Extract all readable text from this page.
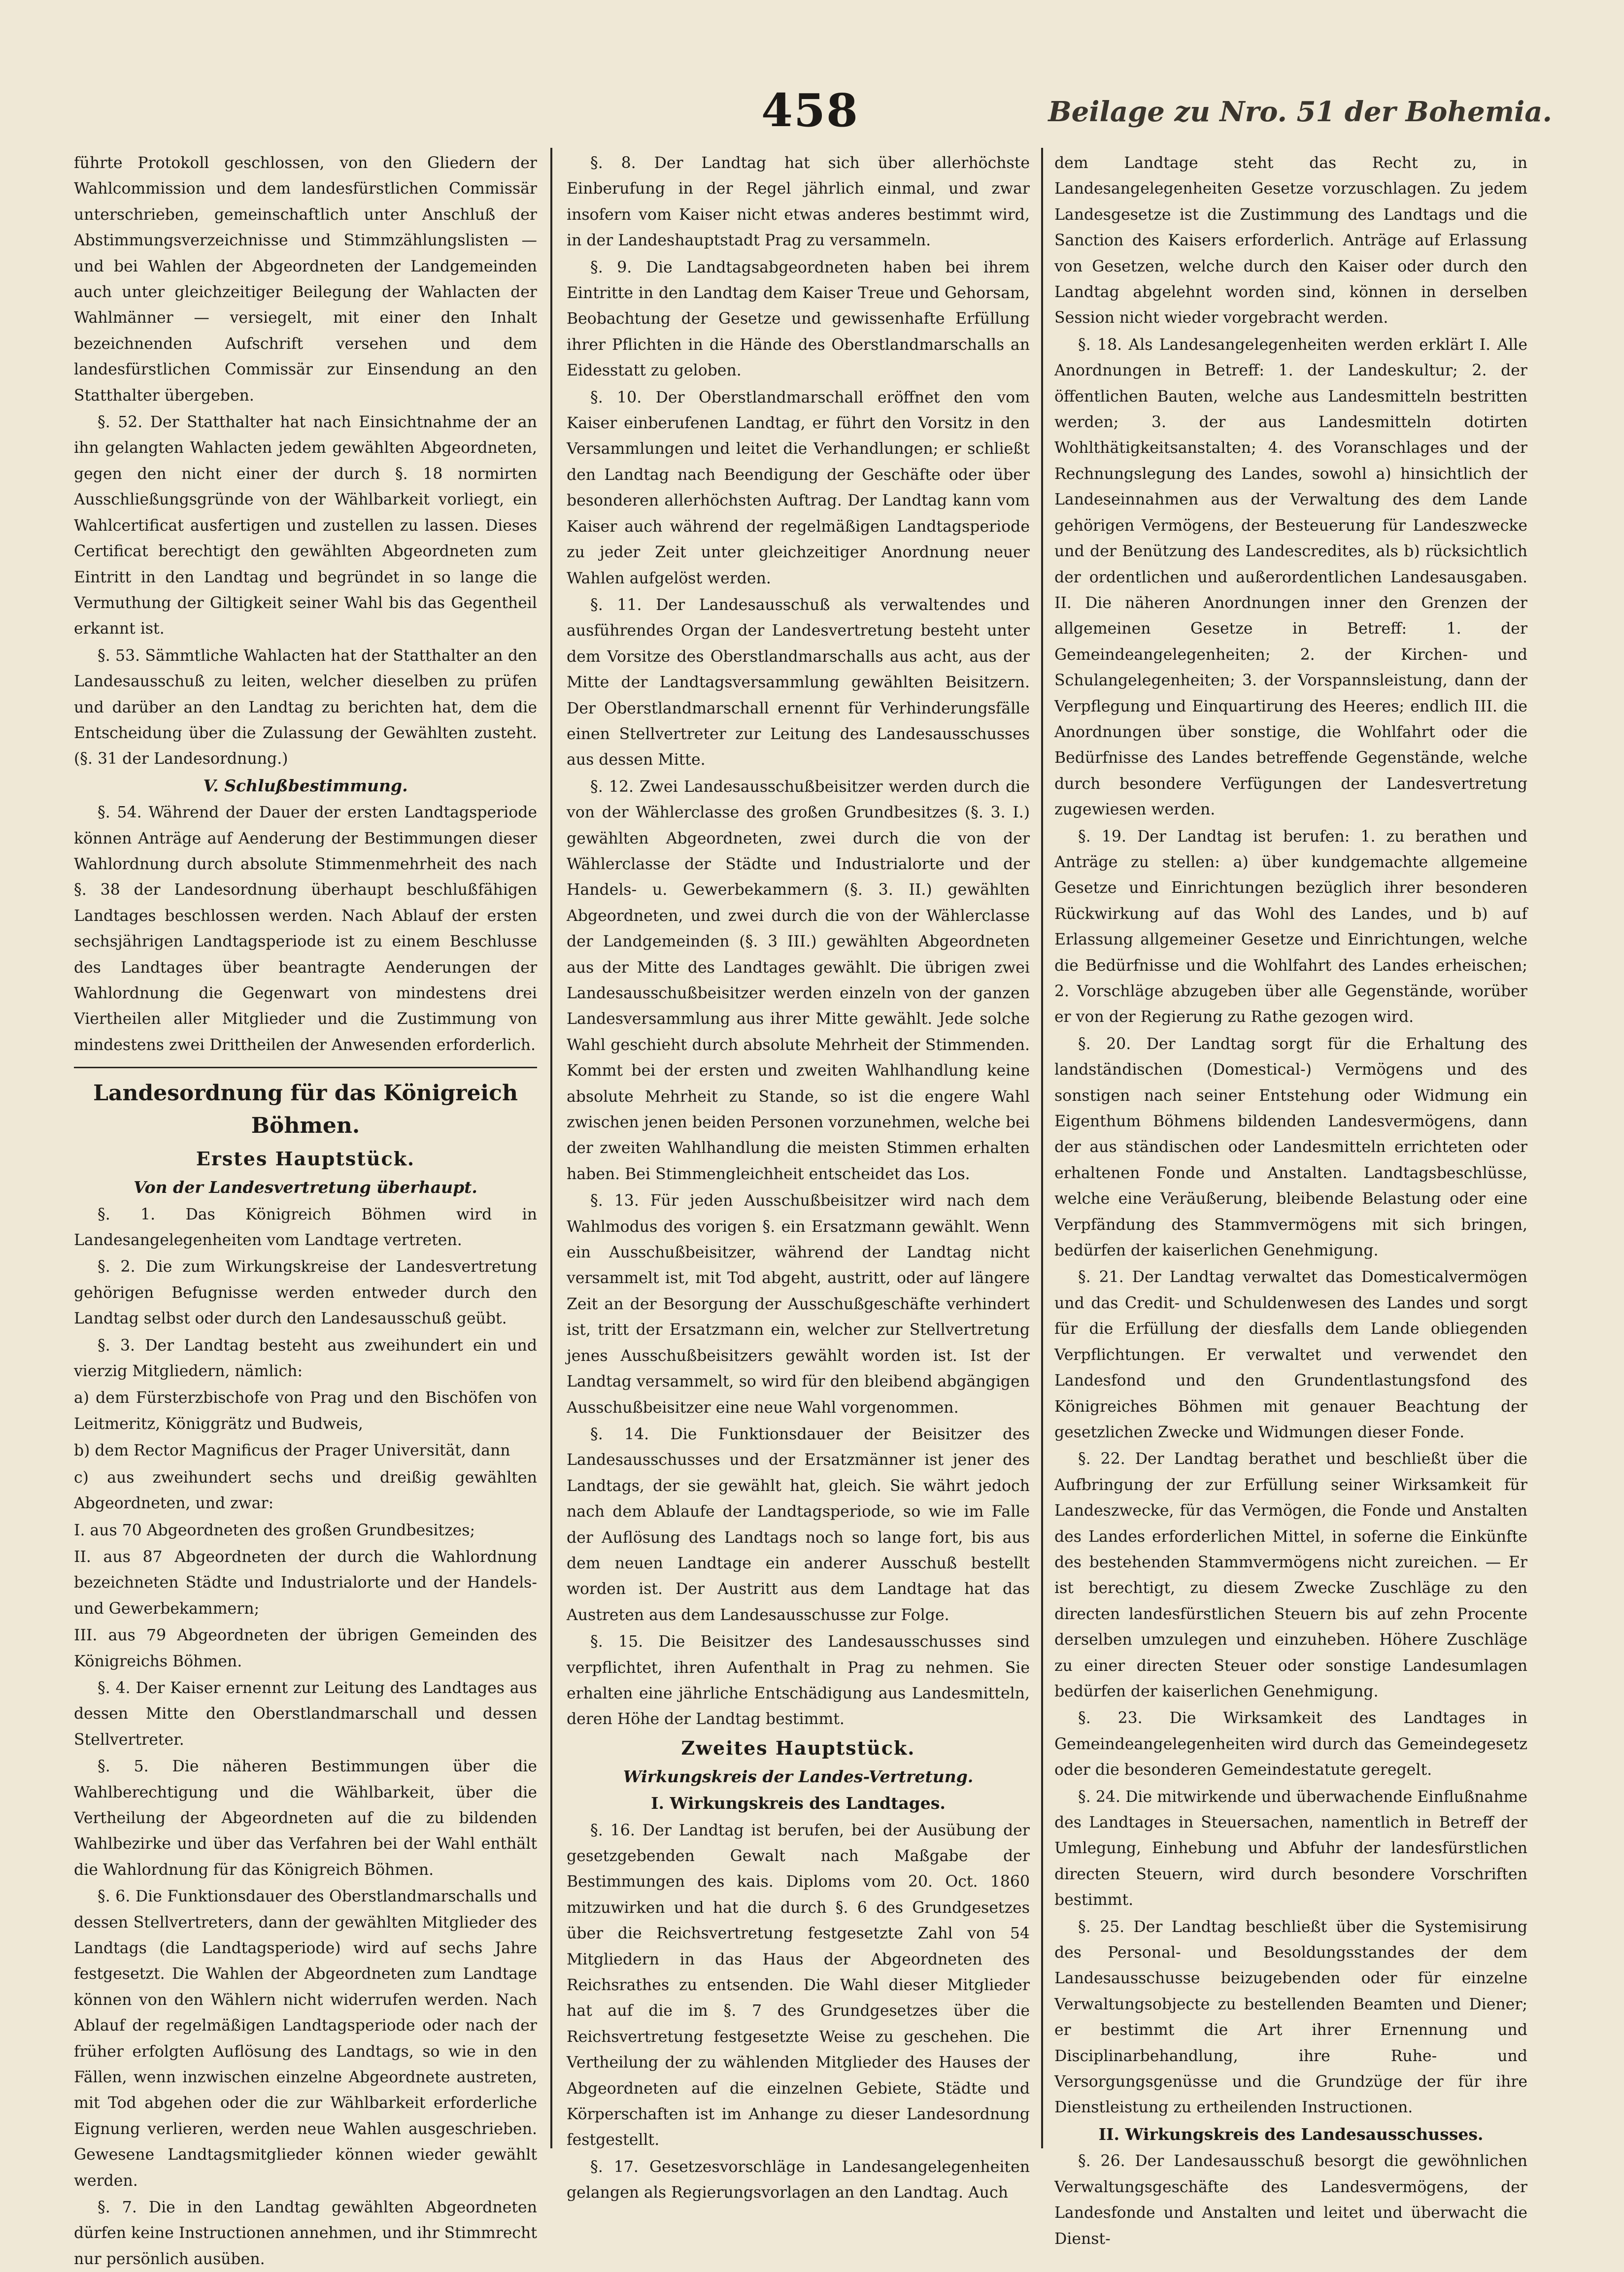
458	Beilage zu Nro. 51 der Bohemia.

führte Protokoll geschlossen, von den Gliedern der Wahlcommission und dem landesfürstlichen Commissär unterschrieben, gemeinschaftlich unter Anschluß der Abstimmungsverzeichnisse und Stimmzählungslisten — und bei Wahlen der Abgeordneten der Landgemeinden auch unter gleichzeitiger Beilegung der Wahlacten der Wahlmänner — versiegelt, mit einer den Inhalt bezeichnenden Aufschrift versehen und dem landesfürstlichen Commissär zur Einsendung an den Statthalter übergeben.

§. 52. Der Statthalter hat nach Einsichtnahme der an ihn gelangten Wahlacten jedem gewählten Abgeordneten, gegen den nicht einer der durch §. 18 normirten Ausschließungsgründe von der Wählbarkeit vorliegt, ein Wahlcertificat ausfertigen und zustellen zu lassen. Dieses Certificat berechtigt den gewählten Abgeordneten zum Eintritt in den Landtag und begründet in so lange die Vermuthung der Giltigkeit seiner Wahl bis das Gegentheil erkannt ist.

§. 53. Sämmtliche Wahlacten hat der Statthalter an den Landesausschuß zu leiten, welcher dieselben zu prüfen und darüber an den Landtag zu berichten hat, dem die Entscheidung über die Zulassung der Gewählten zusteht. (§. 31 der Landesordnung.)

V. Schlußbestimmung.

§. 54. Während der Dauer der ersten Landtagsperiode können Anträge auf Aenderung der Bestimmungen dieser Wahlordnung durch absolute Stimmenmehrheit des nach §. 38 der Landesordnung überhaupt beschlußfähigen Landtages beschlossen werden. Nach Ablauf der ersten sechsjährigen Landtagsperiode ist zu einem Beschlusse des Landtages über beantragte Aenderungen der Wahlordnung die Gegenwart von mindestens drei Viertheilen aller Mitglieder und die Zustimmung von mindestens zwei Drittheilen der Anwesenden erforderlich.

Landesordnung für das Königreich Böhmen.
Erstes Hauptstück.
Von der Landesvertretung überhaupt.

§. 1. Das Königreich Böhmen wird in Landesangelegenheiten vom Landtage vertreten.

§. 2. Die zum Wirkungskreise der Landesvertretung gehörigen Befugnisse werden entweder durch den Landtag selbst oder durch den Landesausschuß geübt.

§. 3. Der Landtag besteht aus zweihundert ein und vierzig Mitgliedern, nämlich:

a) dem Fürsterzbischofe von Prag und den Bischöfen von Leitmeritz, Königgrätz und Budweis,

b) dem Rector Magnificus der Prager Universität, dann

c) aus zweihundert sechs und dreißig gewählten Abgeordneten, und zwar:

I. aus 70 Abgeordneten des großen Grundbesitzes;

II. aus 87 Abgeordneten der durch die Wahlordnung bezeichneten Städte und Industrialorte und der Handels- und Gewerbekammern;

III. aus 79 Abgeordneten der übrigen Gemeinden des Königreichs Böhmen.

§. 4. Der Kaiser ernennt zur Leitung des Landtages aus dessen Mitte den Oberstlandmarschall und dessen Stellvertreter.

§. 5. Die näheren Bestimmungen über die Wahlberechtigung und die Wählbarkeit, über die Vertheilung der Abgeordneten auf die zu bildenden Wahlbezirke und über das Verfahren bei der Wahl enthält die Wahlordnung für das Königreich Böhmen.

§. 6. Die Funktionsdauer des Oberstlandmarschalls und dessen Stellvertreters, dann der gewählten Mitglieder des Landtags (die Landtagsperiode) wird auf sechs Jahre festgesetzt. Die Wahlen der Abgeordneten zum Landtage können von den Wählern nicht widerrufen werden. Nach Ablauf der regelmäßigen Landtagsperiode oder nach der früher erfolgten Auflösung des Landtags, so wie in den Fällen, wenn inzwischen einzelne Abgeordnete austreten, mit Tod abgehen oder die zur Wählbarkeit erforderliche Eignung verlieren, werden neue Wahlen ausgeschrieben. Gewesene Landtagsmitglieder können wieder gewählt werden.

§. 7. Die in den Landtag gewählten Abgeordneten dürfen keine Instructionen annehmen, und ihr Stimmrecht nur persönlich ausüben.

§. 8. Der Landtag hat sich über allerhöchste Einberufung in der Regel jährlich einmal, und zwar insofern vom Kaiser nicht etwas anderes bestimmt wird, in der Landeshauptstadt Prag zu versammeln.

§. 9. Die Landtagsabgeordneten haben bei ihrem Eintritte in den Landtag dem Kaiser Treue und Gehorsam, Beobachtung der Gesetze und gewissenhafte Erfüllung ihrer Pflichten in die Hände des Oberstlandmarschalls an Eidesstatt zu geloben.

§. 10. Der Oberstlandmarschall eröffnet den vom Kaiser einberufenen Landtag, er führt den Vorsitz in den Versammlungen und leitet die Verhandlungen; er schließt den Landtag nach Beendigung der Geschäfte oder über besonderen allerhöchsten Auftrag. Der Landtag kann vom Kaiser auch während der regelmäßigen Landtagsperiode zu jeder Zeit unter gleichzeitiger Anordnung neuer Wahlen aufgelöst werden.

§. 11. Der Landesausschuß als verwaltendes und ausführendes Organ der Landesvertretung besteht unter dem Vorsitze des Oberstlandmarschalls aus acht, aus der Mitte der Landtagsversammlung gewählten Beisitzern. Der Oberstlandmarschall ernennt für Verhinderungsfälle einen Stellvertreter zur Leitung des Landesausschusses aus dessen Mitte.

§. 12. Zwei Landesausschußbeisitzer werden durch die von der Wählerclasse des großen Grundbesitzes (§. 3. I.) gewählten Abgeordneten, zwei durch die von der Wählerclasse der Städte und Industrialorte und der Handels- u. Gewerbekammern (§. 3. II.) gewählten Abgeordneten, und zwei durch die von der Wählerclasse der Landgemeinden (§. 3 III.) gewählten Abgeordneten aus der Mitte des Landtages gewählt. Die übrigen zwei Landesausschußbeisitzer werden einzeln von der ganzen Landesversammlung aus ihrer Mitte gewählt. Jede solche Wahl geschieht durch absolute Mehrheit der Stimmenden. Kommt bei der ersten und zweiten Wahlhandlung keine absolute Mehrheit zu Stande, so ist die engere Wahl zwischen jenen beiden Personen vorzunehmen, welche bei der zweiten Wahlhandlung die meisten Stimmen erhalten haben. Bei Stimmengleichheit entscheidet das Los.

§. 13. Für jeden Ausschußbeisitzer wird nach dem Wahlmodus des vorigen §. ein Ersatzmann gewählt. Wenn ein Ausschußbeisitzer, während der Landtag nicht versammelt ist, mit Tod abgeht, austritt, oder auf längere Zeit an der Besorgung der Ausschußgeschäfte verhindert ist, tritt der Ersatzmann ein, welcher zur Stellvertretung jenes Ausschußbeisitzers gewählt worden ist. Ist der Landtag versammelt, so wird für den bleibend abgängigen Ausschußbeisitzer eine neue Wahl vorgenommen.

§. 14. Die Funktionsdauer der Beisitzer des Landesausschusses und der Ersatzmänner ist jener des Landtags, der sie gewählt hat, gleich. Sie währt jedoch nach dem Ablaufe der Landtagsperiode, so wie im Falle der Auflösung des Landtags noch so lange fort, bis aus dem neuen Landtage ein anderer Ausschuß bestellt worden ist. Der Austritt aus dem Landtage hat das Austreten aus dem Landesausschusse zur Folge.

§. 15. Die Beisitzer des Landesausschusses sind verpflichtet, ihren Aufenthalt in Prag zu nehmen. Sie erhalten eine jährliche Entschädigung aus Landesmitteln, deren Höhe der Landtag bestimmt.

Zweites Hauptstück.
Wirkungskreis der Landes-Vertretung.
I. Wirkungskreis des Landtages.

§. 16. Der Landtag ist berufen, bei der Ausübung der gesetzgebenden Gewalt nach Maßgabe der Bestimmungen des kais. Diploms vom 20. Oct. 1860 mitzuwirken und hat die durch §. 6 des Grundgesetzes über die Reichsvertretung festgesetzte Zahl von 54 Mitgliedern in das Haus der Abgeordneten des Reichsrathes zu entsenden. Die Wahl dieser Mitglieder hat auf die im §. 7 des Grundgesetzes über die Reichsvertretung festgesetzte Weise zu geschehen. Die Vertheilung der zu wählenden Mitglieder des Hauses der Abgeordneten auf die einzelnen Gebiete, Städte und Körperschaften ist im Anhange zu dieser Landesordnung festgestellt.

§. 17. Gesetzesvorschläge in Landesangelegenheiten gelangen als Regierungsvorlagen an den Landtag. Auch

dem Landtage steht das Recht zu, in Landesangelegenheiten Gesetze vorzuschlagen. Zu jedem Landesgesetze ist die Zustimmung des Landtags und die Sanction des Kaisers erforderlich. Anträge auf Erlassung von Gesetzen, welche durch den Kaiser oder durch den Landtag abgelehnt worden sind, können in derselben Session nicht wieder vorgebracht werden.

§. 18. Als Landesangelegenheiten werden erklärt I. Alle Anordnungen in Betreff: 1. der Landeskultur; 2. der öffentlichen Bauten, welche aus Landesmitteln bestritten werden; 3. der aus Landesmitteln dotirten Wohlthätigkeitsanstalten; 4. des Voranschlages und der Rechnungslegung des Landes, sowohl a) hinsichtlich der Landeseinnahmen aus der Verwaltung des dem Lande gehörigen Vermögens, der Besteuerung für Landeszwecke und der Benützung des Landescredites, als b) rücksichtlich der ordentlichen und außerordentlichen Landesausgaben. II. Die näheren Anordnungen inner den Grenzen der allgemeinen Gesetze in Betreff: 1. der Gemeindeangelegenheiten; 2. der Kirchen- und Schulangelegenheiten; 3. der Vorspannsleistung, dann der Verpflegung und Einquartirung des Heeres; endlich III. die Anordnungen über sonstige, die Wohlfahrt oder die Bedürfnisse des Landes betreffende Gegenstände, welche durch besondere Verfügungen der Landesvertretung zugewiesen werden.

§. 19. Der Landtag ist berufen: 1. zu berathen und Anträge zu stellen: a) über kundgemachte allgemeine Gesetze und Einrichtungen bezüglich ihrer besonderen Rückwirkung auf das Wohl des Landes, und b) auf Erlassung allgemeiner Gesetze und Einrichtungen, welche die Bedürfnisse und die Wohlfahrt des Landes erheischen; 2. Vorschläge abzugeben über alle Gegenstände, worüber er von der Regierung zu Rathe gezogen wird.

§. 20. Der Landtag sorgt für die Erhaltung des landständischen (Domestical-) Vermögens und des sonstigen nach seiner Entstehung oder Widmung ein Eigenthum Böhmens bildenden Landesvermögens, dann der aus ständischen oder Landesmitteln errichteten oder erhaltenen Fonde und Anstalten. Landtagsbeschlüsse, welche eine Veräußerung, bleibende Belastung oder eine Verpfändung des Stammvermögens mit sich bringen, bedürfen der kaiserlichen Genehmigung.

§. 21. Der Landtag verwaltet das Domesticalvermögen und das Credit- und Schuldenwesen des Landes und sorgt für die Erfüllung der diesfalls dem Lande obliegenden Verpflichtungen. Er verwaltet und verwendet den Landesfond und den Grundentlastungsfond des Königreiches Böhmen mit genauer Beachtung der gesetzlichen Zwecke und Widmungen dieser Fonde.

§. 22. Der Landtag berathet und beschließt über die Aufbringung der zur Erfüllung seiner Wirksamkeit für Landeszwecke, für das Vermögen, die Fonde und Anstalten des Landes erforderlichen Mittel, in soferne die Einkünfte des bestehenden Stammvermögens nicht zureichen. — Er ist berechtigt, zu diesem Zwecke Zuschläge zu den directen landesfürstlichen Steuern bis auf zehn Procente derselben umzulegen und einzuheben. Höhere Zuschläge zu einer directen Steuer oder sonstige Landesumlagen bedürfen der kaiserlichen Genehmigung.

§. 23. Die Wirksamkeit des Landtages in Gemeindeangelegenheiten wird durch das Gemeindegesetz oder die besonderen Gemeindestatute geregelt.

§. 24. Die mitwirkende und überwachende Einflußnahme des Landtages in Steuersachen, namentlich in Betreff der Umlegung, Einhebung und Abfuhr der landesfürstlichen directen Steuern, wird durch besondere Vorschriften bestimmt.

§. 25. Der Landtag beschließt über die Systemisirung des Personal- und Besoldungsstandes der dem Landesausschusse beizugebenden oder für einzelne Verwaltungsobjecte zu bestellenden Beamten und Diener; er bestimmt die Art ihrer Ernennung und Disciplinarbehandlung, ihre Ruhe- und Versorgungsgenüsse und die Grundzüge der für ihre Dienstleistung zu ertheilenden Instructionen.

II. Wirkungskreis des Landesausschusses.

§. 26. Der Landesausschuß besorgt die gewöhnlichen Verwaltungsgeschäfte des Landesvermögens, der Landesfonde und Anstalten und leitet und überwacht die Dienst-
